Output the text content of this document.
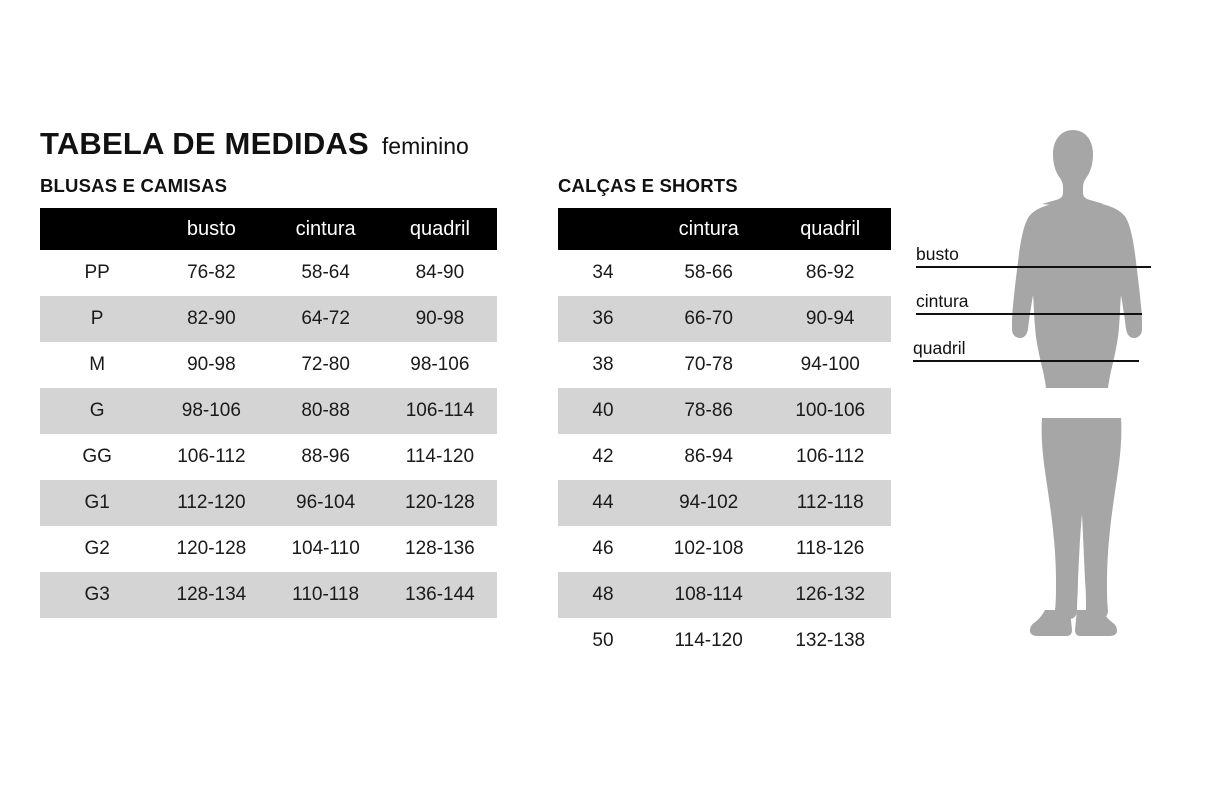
TABELA DE MEDIDAS feminino
BLUSAS E CAMISAS
	busto	cintura	quadril
PP	76-82	58-64	84-90
P	82-90	64-72	90-98
M	90-98	72-80	98-106
G	98-106	80-88	106-114
GG	106-112	88-96	114-120
G1	112-120	96-104	120-128
G2	120-128	104-110	128-136
G3	128-134	110-118	136-144
CALÇAS E SHORTS
	cintura	quadril
34	58-66	86-92
36	66-70	90-94
38	70-78	94-100
40	78-86	100-106
42	86-94	106-112
44	94-102	112-118
46	102-108	118-126
48	108-114	126-132
50	114-120	132-138
busto
cintura
quadril
